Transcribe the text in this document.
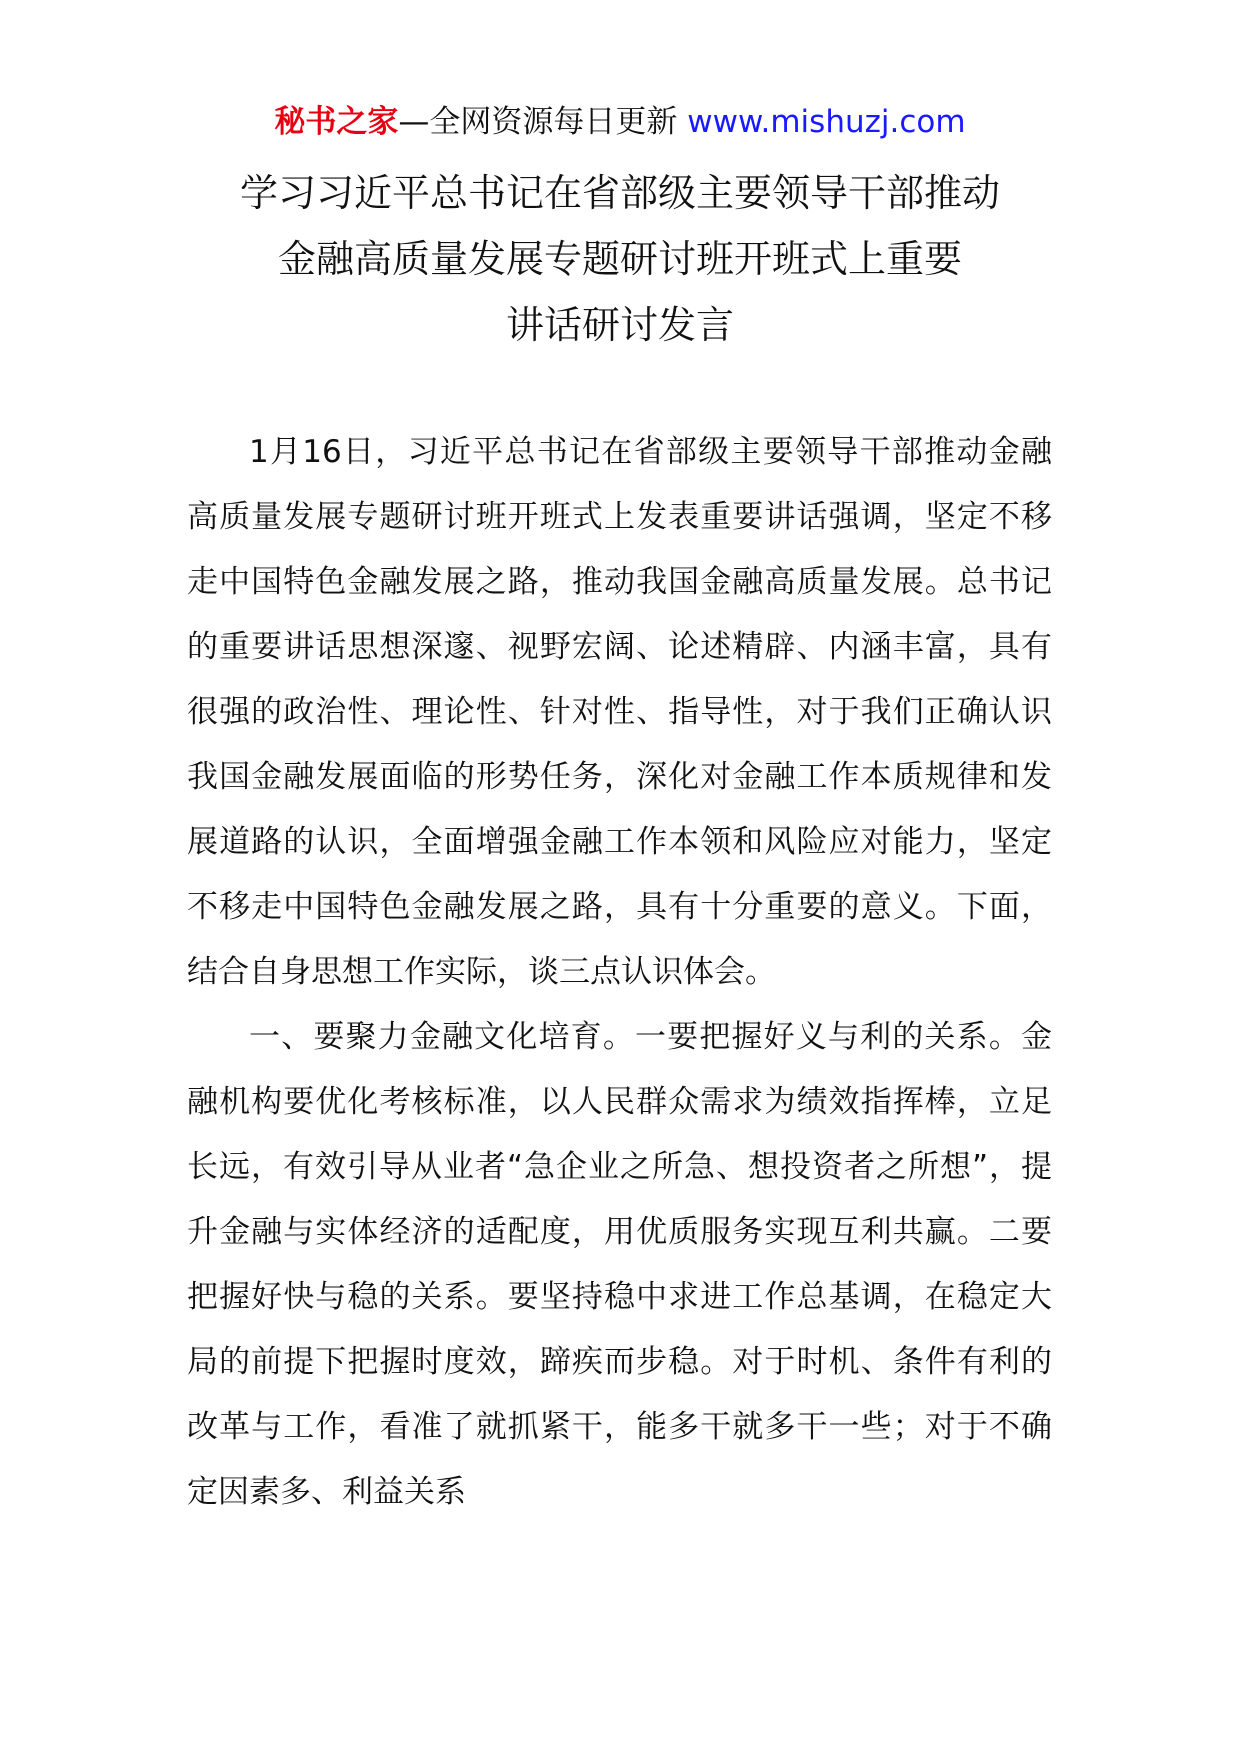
秘书之家—全网资源每日更新 www.mishuzj.com
学习习近平总书记在省部级主要领导干部推动
金融高质量发展专题研讨班开班式上重要
讲话研讨发言

1月16日，习近平总书记在省部级主要领导干部推动金融高质量发展专题研讨班开班式上发表重要讲话强调，坚定不移走中国特色金融发展之路，推动我国金融高质量发展。总书记的重要讲话思想深邃、视野宏阔、论述精辟、内涵丰富，具有很强的政治性、理论性、针对性、指导性，对于我们正确认识我国金融发展面临的形势任务，深化对金融工作本质规律和发展道路的认识，全面增强金融工作本领和风险应对能力，坚定不移走中国特色金融发展之路，具有十分重要的意义。下面，结合自身思想工作实际，谈三点认识体会。

一、要聚力金融文化培育。一要把握好义与利的关系。金融机构要优化考核标准，以人民群众需求为绩效指挥棒，立足长远，有效引导从业者“急企业之所急、想投资者之所想”，提升金融与实体经济的适配度，用优质服务实现互利共赢。二要把握好快与稳的关系。要坚持稳中求进工作总基调，在稳定大局的前提下把握时度效，蹄疾而步稳。对于时机、条件有利的改革与工作，看准了就抓紧干，能多干就多干一些；对于不确定因素多、利益关系
